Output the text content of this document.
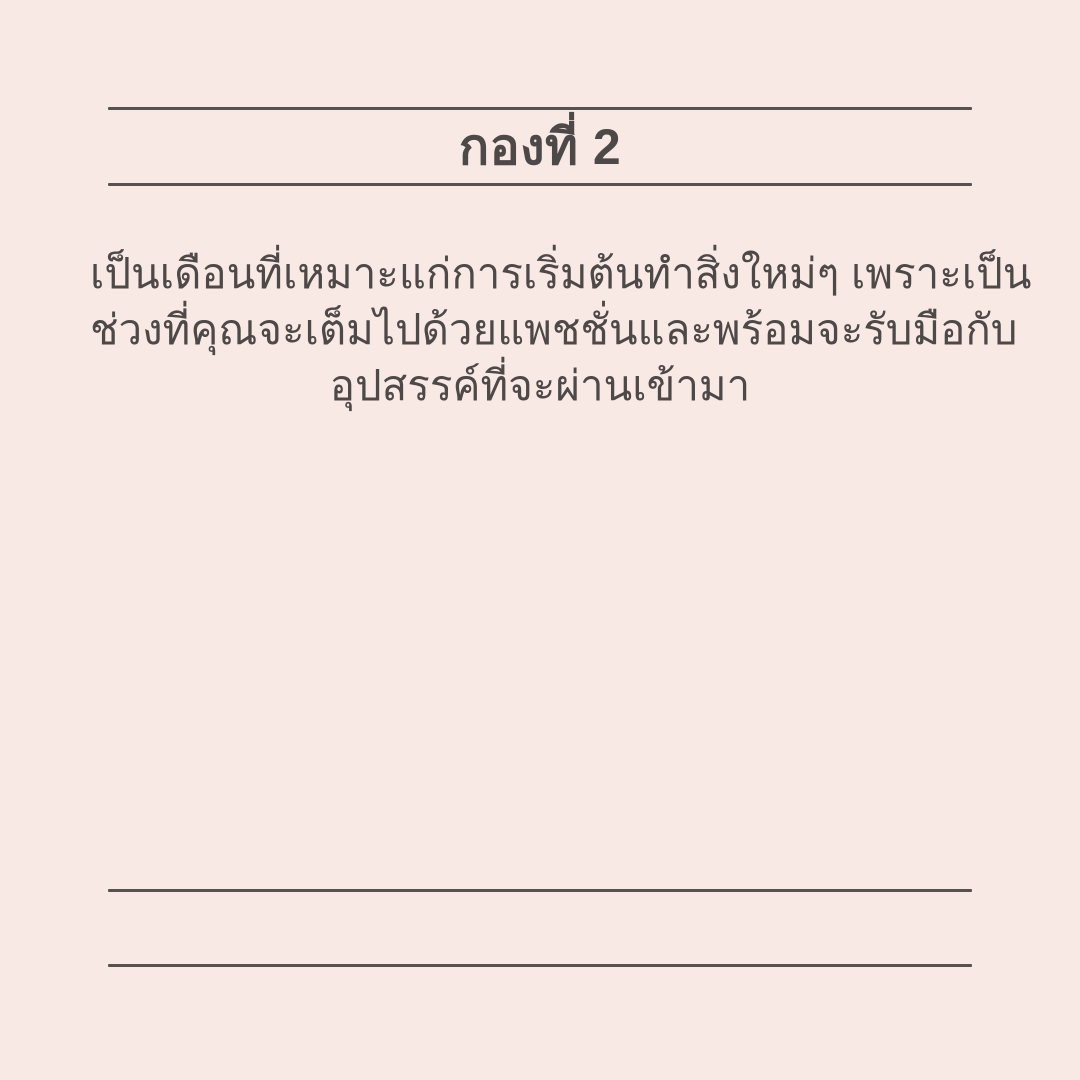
กองที่ 2
เป็นเดือนที่เหมาะแก่การเริ่มต้นทำสิ่งใหม่ๆ เพราะเป็น
ช่วงที่คุณจะเต็มไปด้วยแพชชั่นและพร้อมจะรับมือกับ
อุปสรรค์ที่จะผ่านเข้ามา
